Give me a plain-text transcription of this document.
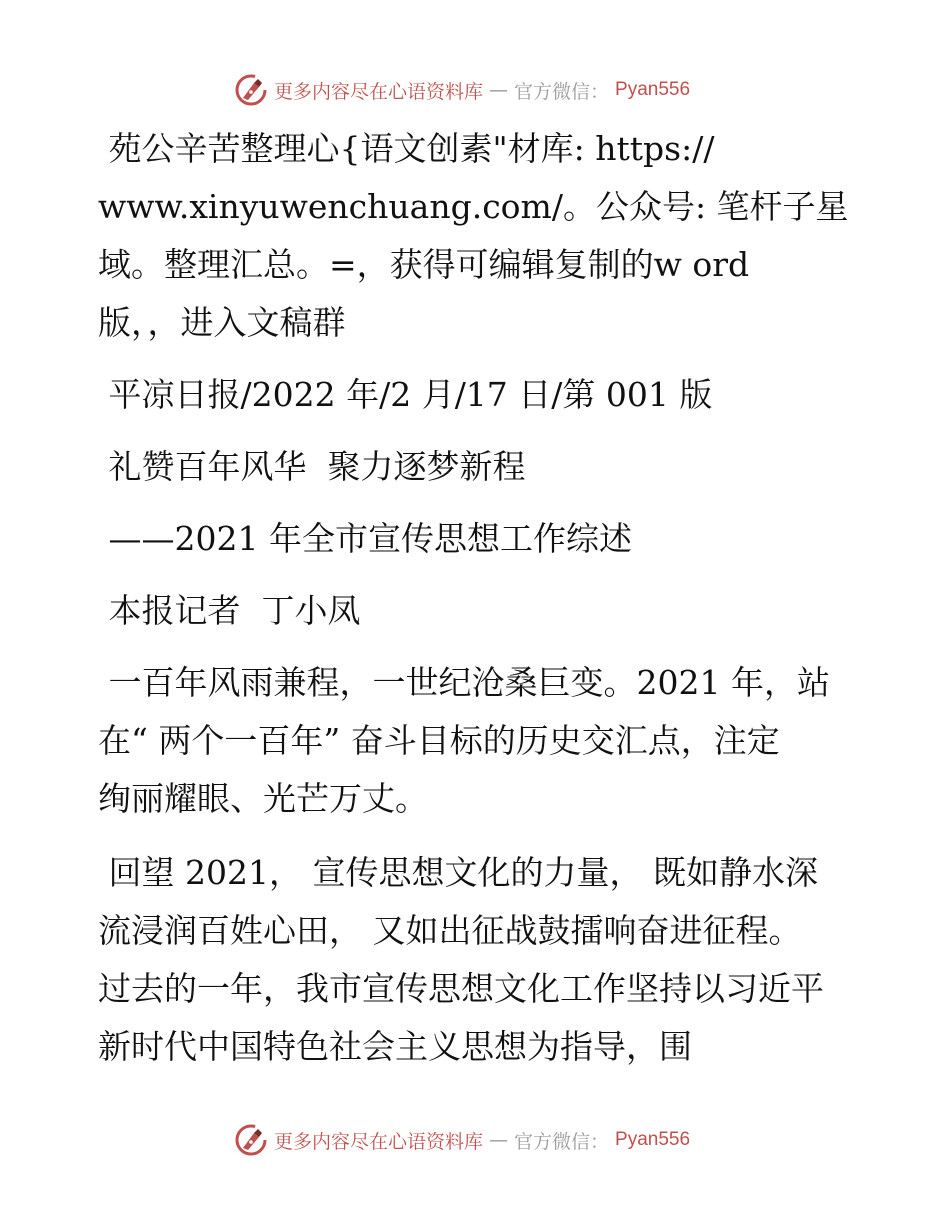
更多内容尽在心语资料库 — 官方微信： Pyan556

苑公辛苦整理心{语文创素"材库: https://

www.xinyuwenchuang.com/。公众号: 笔杆子星

域。整理汇总。=，获得可编辑复制的w ord

版，，进入文稿群

平凉日报/2022 年/2 月/17 日/第 001 版

礼赞百年风华  聚力逐梦新程

——2021 年全市宣传思想工作综述

本报记者  丁小凤

一百年风雨兼程，一世纪沧桑巨变。2021 年，站

在“ 两个一百年” 奋斗目标的历史交汇点，注定

绚丽耀眼、光芒万丈。

回望 2021， 宣传思想文化的力量， 既如静水深

流浸润百姓心田， 又如出征战鼓擂响奋进征程。

过去的一年，我市宣传思想文化工作坚持以习近平

新时代中国特色社会主义思想为指导，围

更多内容尽在心语资料库 — 官方微信： Pyan556
